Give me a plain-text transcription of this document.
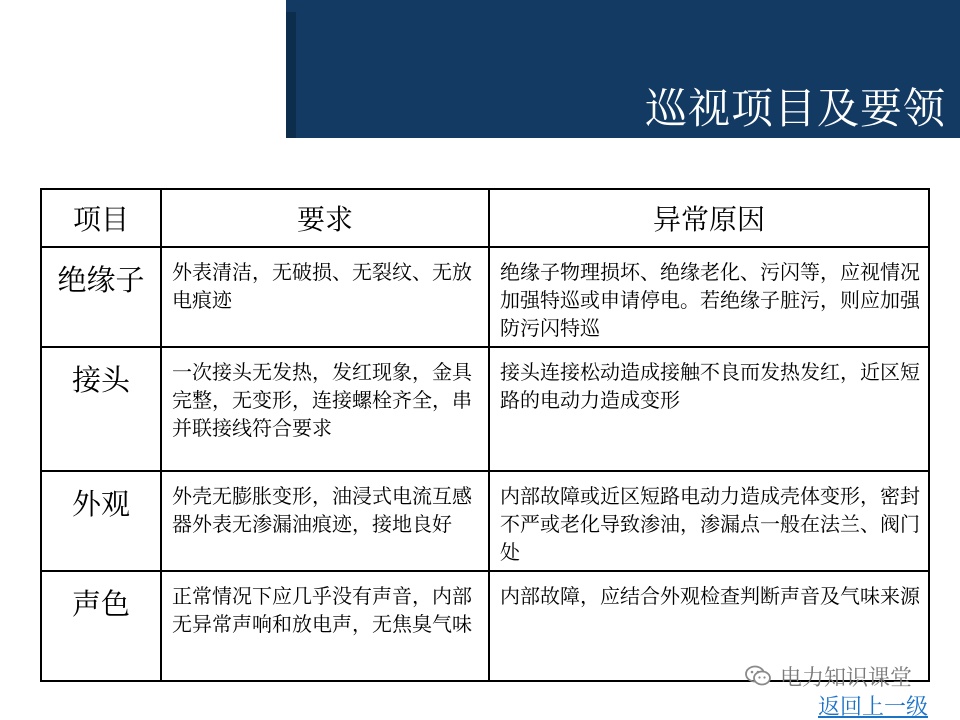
巡视项目及要领
项目	要求	异常原因
绝缘子	外表清洁，无破损、无裂纹、无放电痕迹	绝缘子物理损坏、绝缘老化、污闪等，应视情况加强特巡或申请停电。若绝缘子脏污，则应加强防污闪特巡
接头	一次接头无发热，发红现象，金具完整，无变形，连接螺栓齐全，串并联接线符合要求	接头连接松动造成接触不良而发热发红，近区短路的电动力造成变形
外观	外壳无膨胀变形，油浸式电流互感器外表无渗漏油痕迹，接地良好	内部故障或近区短路电动力造成壳体变形，密封不严或老化导致渗油，渗漏点一般在法兰、阀门处
声色	正常情况下应几乎没有声音，内部无异常声响和放电声，无焦臭气味	内部故障，应结合外观检查判断声音及气味来源
电力知识课堂
返回上一级
